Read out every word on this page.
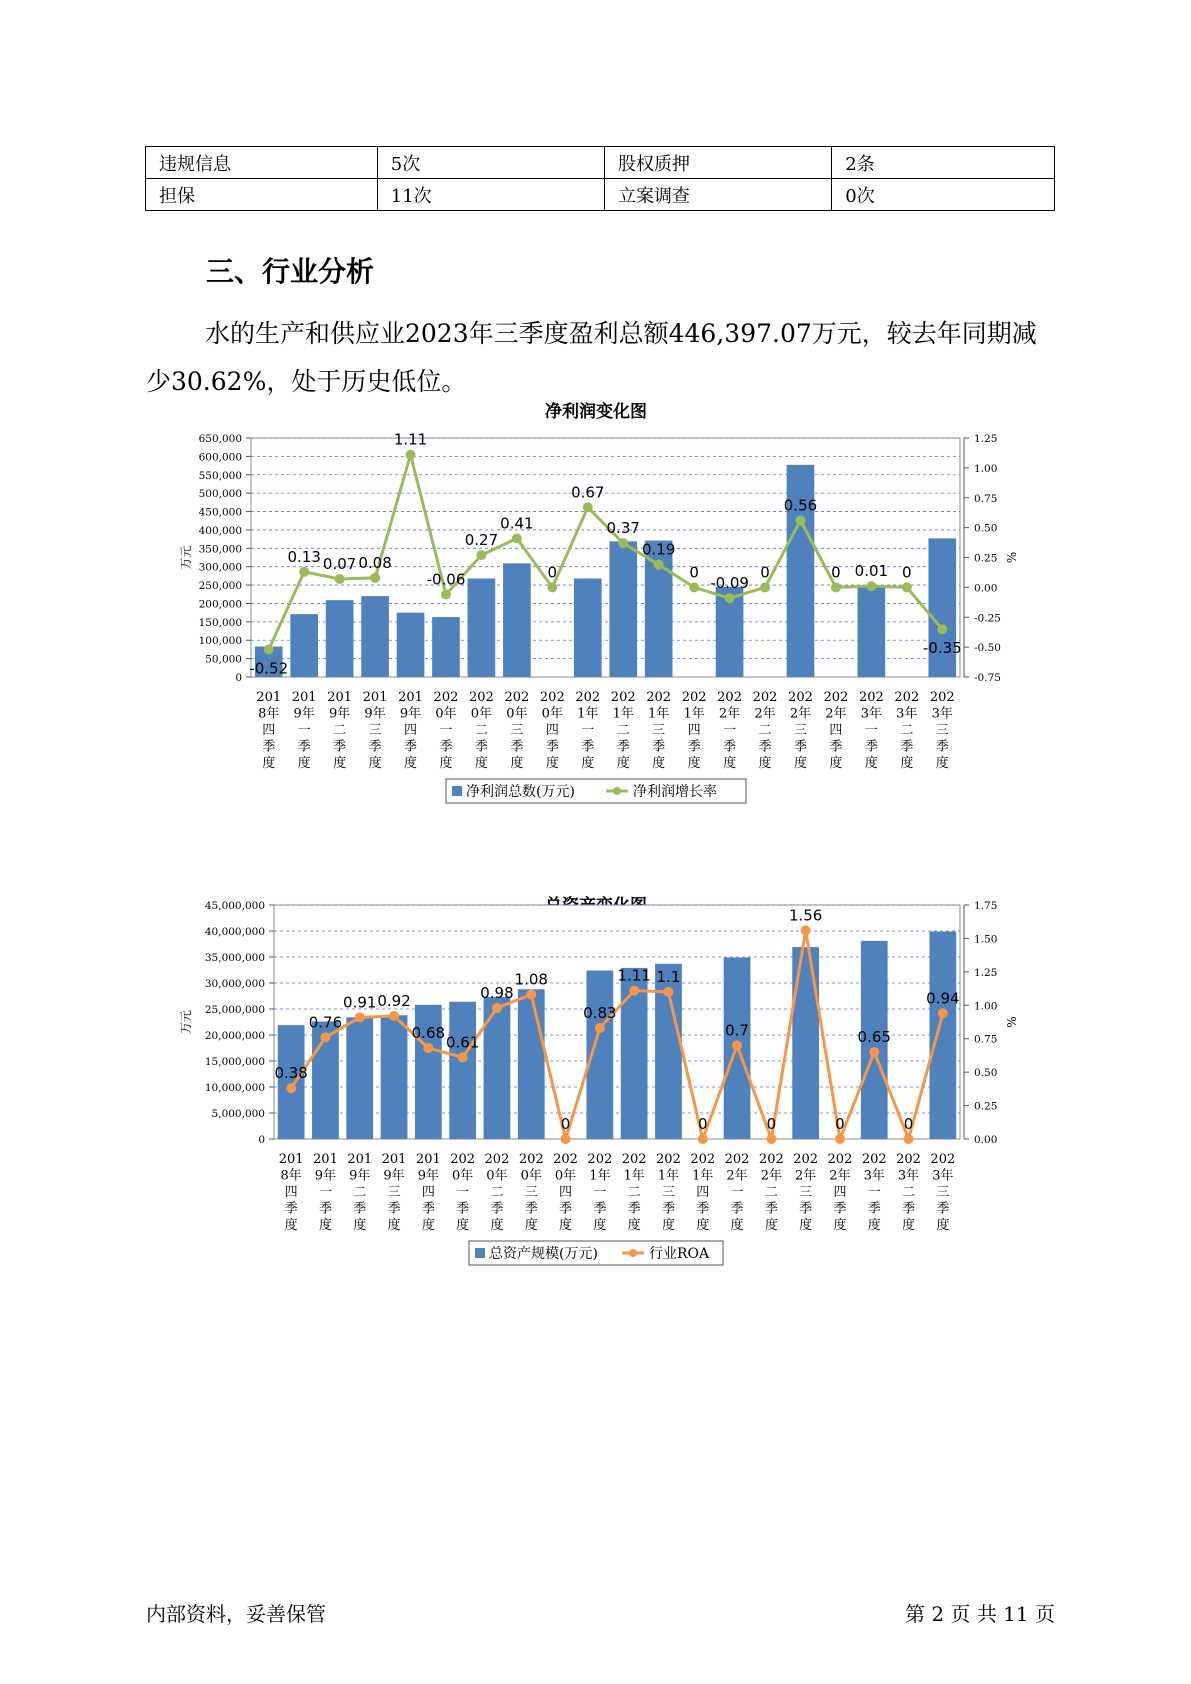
违规信息	5次	股权质押	2条
担保	11次	立案调查	0次
三、行业分析
水的生产和供应业2023年三季度盈利总额446,397.07万元，较去年同期减少30.62%，处于历史低位。
净利润变化图
0
50,000
100,000
150,000
200,000
250,000
300,000
350,000
400,000
450,000
500,000
550,000
600,000
650,000
-0.75
-0.50
-0.25
0.00
0.25
0.50
0.75
1.00
1.25
万元	%
-0.52
0.13 0.07 0.08
1.11
-0.06
0.27
0.41
0
0.67
0.37
0.19
0
-0.09
0
0.56
0 0.01 0
-0.35
201 8年四季度
201 9年一季度
201 9年二季度
201 9年三季度
201 9年四季度
202 0年一季度
202 0年二季度
202 0年三季度
202 0年四季度
202 1年一季度
202 1年二季度
202 1年三季度
202 1年四季度
202 2年一季度
202 2年二季度
202 2年三季度
202 2年四季度
202 3年一季度
202 3年二季度
202 3年三季度
净利润总数(万元)	净利润增长率
0
5,000,000
10,000,000
15,000,000
20,000,000
25,000,000
30,000,000
35,000,000
40,000,000
45,000,000
0.00
0.25
0.50
0.75
1.00
1.25
1.50
1.75
万元	%
0.38
0.76
0.91 0.92
0.68
0.61
0.98
1.08
0
0.83
1.11 1.1
0
0.7
0
1.56
0
0.65
0
0.94
201 8年四季度
201 9年一季度
201 9年二季度
201 9年三季度
201 9年四季度
202 0年一季度
202 0年二季度
202 0年三季度
202 0年四季度
202 1年一季度
202 1年二季度
202 1年三季度
202 1年四季度
202 2年一季度
202 2年二季度
202 2年三季度
202 2年四季度
202 3年一季度
202 3年二季度
202 3年三季度
总资产规模(万元)	行业ROA
内部资料，妥善保管	第 2 页 共 11 页
